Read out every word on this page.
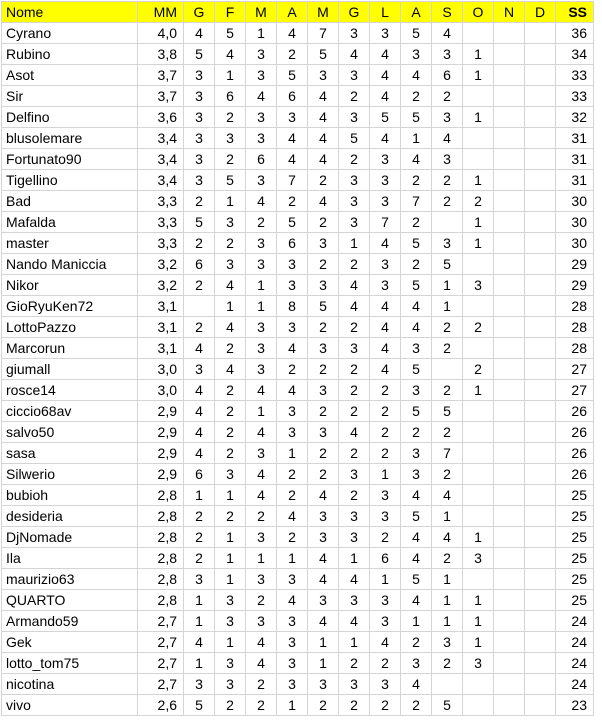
Nome	MM	G	F	M	A	M	G	L	A	S	O	N	D	SS
Cyrano	4,0	4	5	1	4	7	3	3	5	4				36
Rubino	3,8	5	4	3	2	5	4	4	3	3	1			34
Asot	3,7	3	1	3	5	3	3	4	4	6	1			33
Sir	3,7	3	6	4	6	4	2	4	2	2				33
Delfino	3,6	3	2	3	3	4	3	5	5	3	1			32
blusolemare	3,4	3	3	3	4	4	5	4	1	4				31
Fortunato90	3,4	3	2	6	4	4	2	3	4	3				31
Tigellino	3,4	3	5	3	7	2	3	3	2	2	1			31
Bad	3,3	2	1	4	2	4	3	3	7	2	2			30
Mafalda	3,3	5	3	2	5	2	3	7	2		1			30
master	3,3	2	2	3	6	3	1	4	5	3	1			30
Nando Maniccia	3,2	6	3	3	3	2	2	3	2	5				29
Nikor	3,2	2	4	1	3	3	4	3	5	1	3			29
GioRyuKen72	3,1		1	1	8	5	4	4	4	1				28
LottoPazzo	3,1	2	4	3	3	2	2	4	4	2	2			28
Marcorun	3,1	4	2	3	4	3	3	4	3	2				28
giumall	3,0	3	4	3	2	2	2	4	5		2			27
rosce14	3,0	4	2	4	4	3	2	2	3	2	1			27
ciccio68av	2,9	4	2	1	3	2	2	2	5	5				26
salvo50	2,9	4	2	4	3	3	4	2	2	2				26
sasa	2,9	4	2	3	1	2	2	2	3	7				26
Silwerio	2,9	6	3	4	2	2	3	1	3	2				26
bubioh	2,8	1	1	4	2	4	2	3	4	4				25
desideria	2,8	2	2	2	4	3	3	3	5	1				25
DjNomade	2,8	2	1	3	2	3	3	2	4	4	1			25
Ila	2,8	2	1	1	1	4	1	6	4	2	3			25
maurizio63	2,8	3	1	3	3	4	4	1	5	1				25
QUARTO	2,8	1	3	2	4	3	3	3	4	1	1			25
Armando59	2,7	1	3	3	3	4	4	3	1	1	1			24
Gek	2,7	4	1	4	3	1	1	4	2	3	1			24
lotto_tom75	2,7	1	3	4	3	1	2	2	3	2	3			24
nicotina	2,7	3	3	2	3	3	3	3	4					24
vivo	2,6	5	2	2	1	2	2	2	2	5				23
